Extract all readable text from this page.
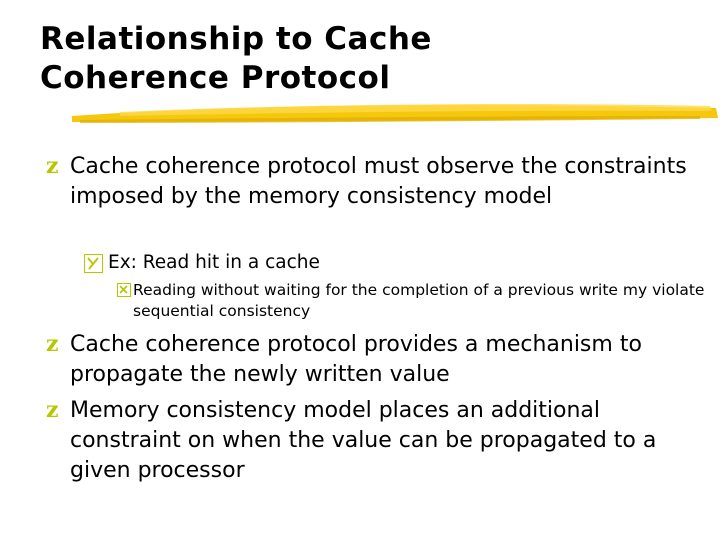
Relationship to Cache Coherence Protocol
z Cache coherence protocol must observe the constraints imposed by the memory consistency model
Ex: Read hit in a cache
Reading without waiting for the completion of a previous write my violate sequential consistency
z Cache coherence protocol provides a mechanism to propagate the newly written value
z Memory consistency model places an additional constraint on when the value can be propagated to a given processor
